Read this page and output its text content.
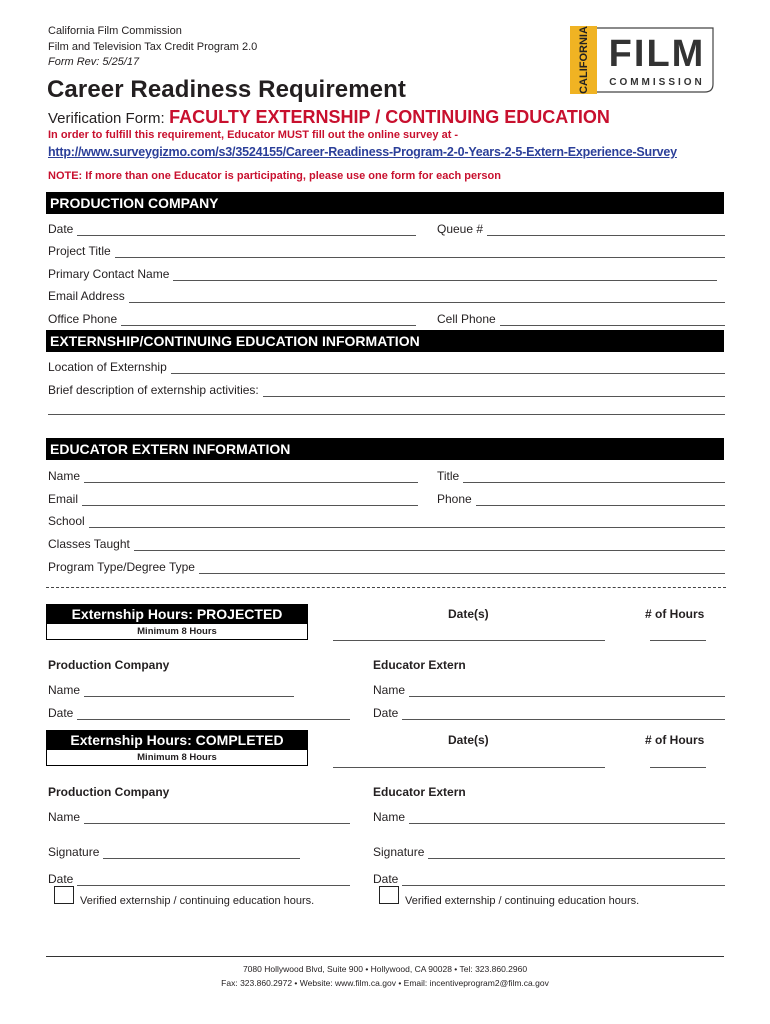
California Film Commission
Film and Television Tax Credit Program 2.0
Form Rev: 5/25/17	CALIFORNIA FILM
COMMISSION
Career Readiness Requirement
Verification Form: FACULTY EXTERNSHIP / CONTINUING EDUCATION
In order to fulfill this requirement, Educator MUST fill out the online survey at -
http://www.surveygizmo.com/s3/3524155/Career-Readiness-Program-2-0-Years-2-5-Extern-Experience-Survey
NOTE: If more than one Educator is participating, please use one form for each person
PRODUCTION COMPANY
Date	Queue #
Project Title
Primary Contact Name
Email Address
Office Phone	Cell Phone
EXTERNSHIP/CONTINUING EDUCATION INFORMATION
Location of Externship
Brief description of externship activities:
EDUCATOR EXTERN INFORMATION
Name	Title
Email	Phone
School
Classes Taught
Program Type/Degree Type
Externship Hours: PROJECTED
Minimum 8 Hours
Date(s)	# of Hours
Production Company	Educator Extern
Name	Name
Date	Date
Externship Hours: COMPLETED
Minimum 8 Hours
Date(s)	# of Hours
Production Company	Educator Extern
Name	Name
Signature	Signature
Date	Date
Verified externship / continuing education hours.	Verified externship / continuing education hours.
7080 Hollywood Blvd, Suite 900 • Hollywood, CA 90028 • Tel: 323.860.2960
Fax: 323.860.2972 • Website: www.film.ca.gov • Email: incentiveprogram2@film.ca.gov
